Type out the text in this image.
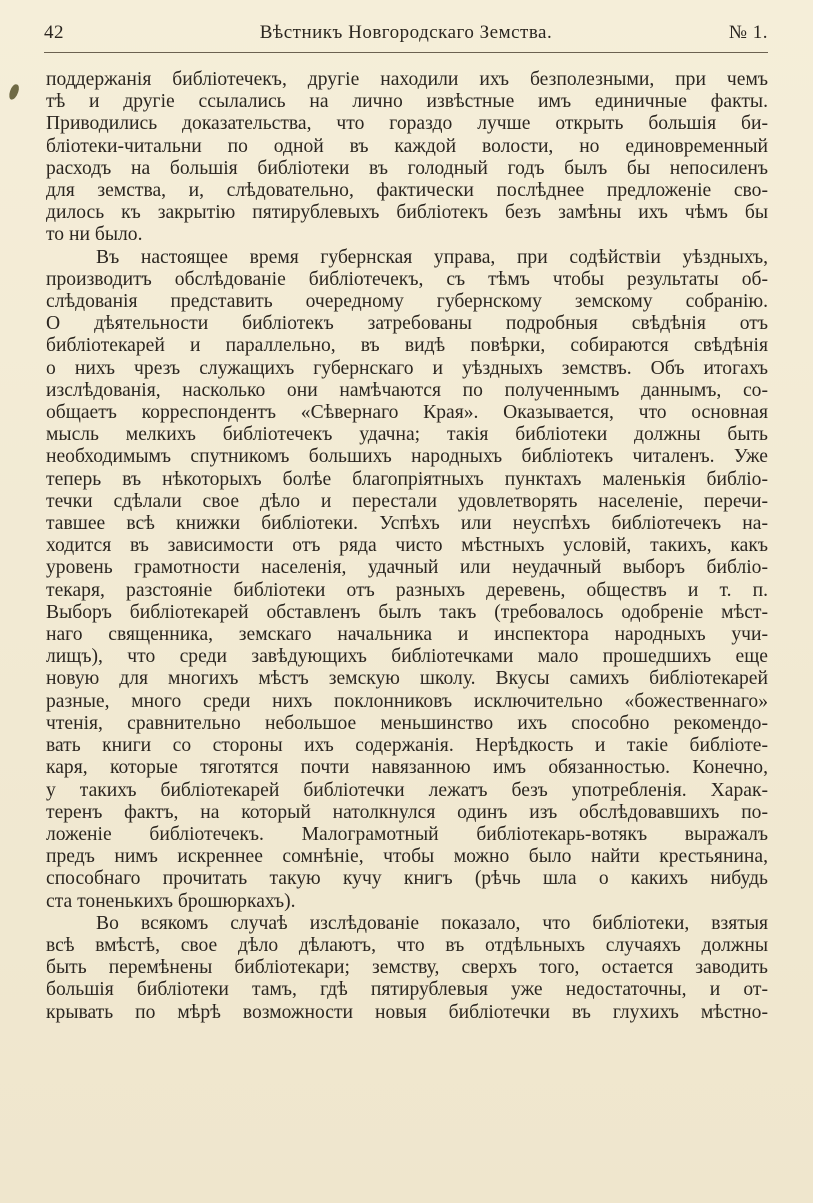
42	Вѣстникъ Новгородскаго Земства.	№ 1.

поддержанія библіотечекъ, другіе находили ихъ безполезными, при чемъ
тѣ и другіе ссылались на лично извѣстные имъ единичные факты.
Приводились доказательства, что гораздо лучше открыть большія би-
бліотеки-читальни по одной въ каждой волости, но единовременный
расходъ на большія библіотеки въ голодный годъ былъ бы непосиленъ
для земства, и, слѣдовательно, фактически послѣднее предложеніе сво-
дилось къ закрытію пятирублевыхъ библіотекъ безъ замѣны ихъ чѣмъ бы
то ни было.

Въ настоящее время губернская управа, при содѣйствіи уѣздныхъ,
производитъ обслѣдованіе библіотечекъ, съ тѣмъ чтобы результаты об-
слѣдованія представить очередному губернскому земскому собранію.
О дѣятельности библіотекъ затребованы подробныя свѣдѣнія отъ
библіотекарей и параллельно, въ видѣ повѣрки, собираются свѣдѣнія
о нихъ чрезъ служащихъ губернскаго и уѣздныхъ земствъ. Объ итогахъ
изслѣдованія, насколько они намѣчаются по полученнымъ даннымъ, со-
общаетъ корреспондентъ «Сѣвернаго Края». Оказывается, что основная
мысль мелкихъ библіотечекъ удачна; такія библіотеки должны быть
необходимымъ спутникомъ большихъ народныхъ библіотекъ читаленъ. Уже
теперь въ нѣкоторыхъ болѣе благопріятныхъ пунктахъ маленькія библіо-
течки сдѣлали свое дѣло и перестали удовлетворять населеніе, перечи-
тавшее всѣ книжки библіотеки. Успѣхъ или неуспѣхъ библіотечекъ на-
ходится въ зависимости отъ ряда чисто мѣстныхъ условій, такихъ, какъ
уровень грамотности населенія, удачный или неудачный выборъ библіо-
текаря, разстояніе библіотеки отъ разныхъ деревень, обществъ и т. п.
Выборъ библіотекарей обставленъ былъ такъ (требовалось одобреніе мѣст-
наго священника, земскаго начальника и инспектора народныхъ учи-
лищъ), что среди завѣдующихъ библіотечками мало прошедшихъ еще
новую для многихъ мѣстъ земскую школу. Вкусы самихъ библіотекарей
разные, много среди нихъ поклонниковъ исключительно «божественнаго»
чтенія, сравнительно небольшое меньшинство ихъ способно рекомендо-
вать книги со стороны ихъ содержанія. Нерѣдкость и такіе библіоте-
каря, которые тяготятся почти навязанною имъ обязанностью. Конечно,
у такихъ библіотекарей библіотечки лежатъ безъ употребленія. Харак-
теренъ фактъ, на который натолкнулся одинъ изъ обслѣдовавшихъ по-
ложеніе библіотечекъ. Малограмотный библіотекарь-вотякъ выражалъ
предъ нимъ искреннее сомнѣніе, чтобы можно было найти крестьянина,
способнаго прочитать такую кучу книгъ (рѣчь шла о какихъ нибудь
ста тоненькихъ брошюркахъ).

Во всякомъ случаѣ изслѣдованіе показало, что библіотеки, взятыя
всѣ вмѣстѣ, свое дѣло дѣлаютъ, что въ отдѣльныхъ случаяхъ должны
быть перемѣнены библіотекари; земству, сверхъ того, остается заводить
большія библіотеки тамъ, гдѣ пятирублевыя уже недостаточны, и от-
крывать по мѣрѣ возможности новыя библіотечки въ глухихъ мѣстно-
